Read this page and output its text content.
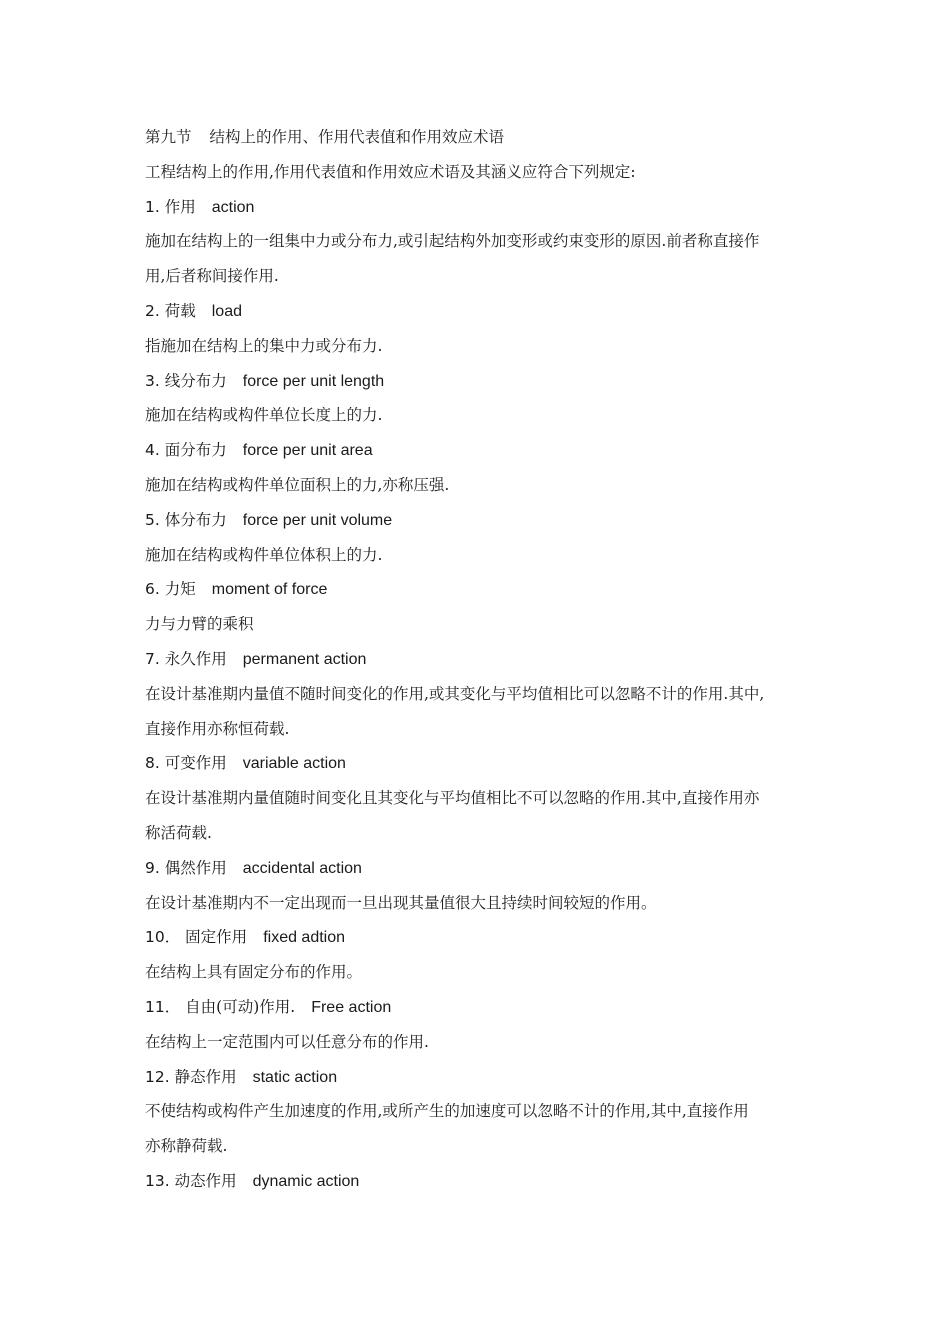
第九节 结构上的作用、作用代表值和作用效应术语
工程结构上的作用,作用代表值和作用效应术语及其涵义应符合下列规定:
1. 作用 action
施加在结构上的一组集中力或分布力,或引起结构外加变形或约束变形的原因.前者称直接作
用,后者称间接作用.
2. 荷载 load
指施加在结构上的集中力或分布力.
3. 线分布力 force per unit length
施加在结构或构件单位长度上的力.
4. 面分布力 force per unit area
施加在结构或构件单位面积上的力,亦称压强.
5. 体分布力 force per unit volume
施加在结构或构件单位体积上的力.
6. 力矩 moment of force
力与力臂的乘积
7. 永久作用 permanent action
在设计基准期内量值不随时间变化的作用,或其变化与平均值相比可以忽略不计的作用.其中,
直接作用亦称恒荷载.
8. 可变作用 variable action
在设计基准期内量值随时间变化且其变化与平均值相比不可以忽略的作用.其中,直接作用亦
称活荷载.
9. 偶然作用 accidental action
在设计基准期内不一定出现而一旦出现其量值很大且持续时间较短的作用。
10． 固定作用 fixed adtion
在结构上具有固定分布的作用。
11． 自由(可动)作用. Free action
在结构上一定范围内可以任意分布的作用.
12. 静态作用 static action
不使结构或构件产生加速度的作用,或所产生的加速度可以忽略不计的作用,其中,直接作用
亦称静荷载.
13. 动态作用 dynamic action
